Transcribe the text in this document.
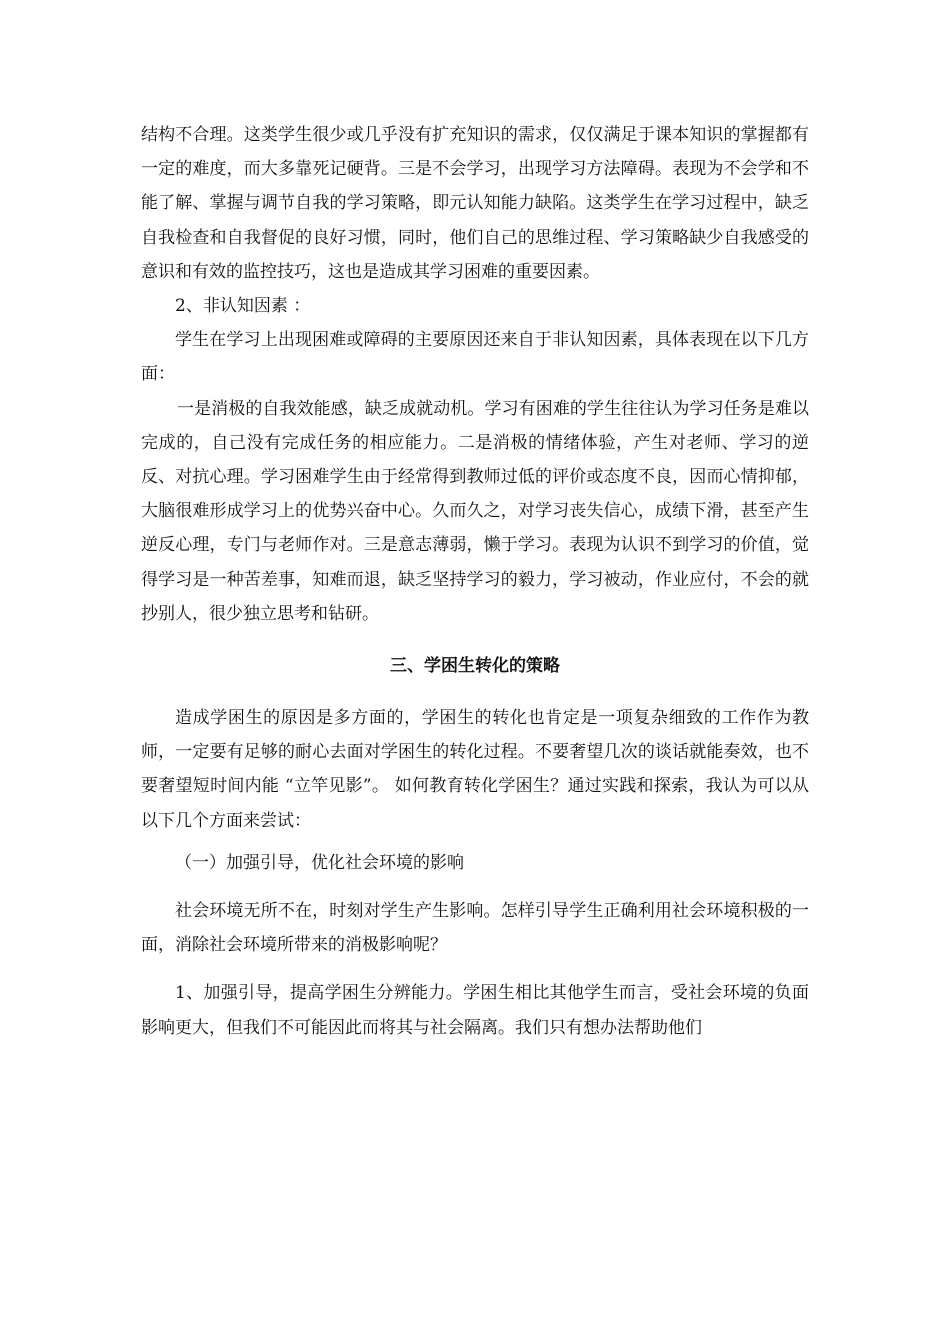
结构不合理。这类学生很少或几乎没有扩充知识的需求，仅仅满足于课本知识的掌握都有一定的难度，而大多靠死记硬背。三是不会学习，出现学习方法障碍。表现为不会学和不能了解、掌握与调节自我的学习策略，即元认知能力缺陷。这类学生在学习过程中，缺乏自我检查和自我督促的良好习惯，同时，他们自己的思维过程、学习策略缺少自我感受的意识和有效的监控技巧，这也是造成其学习困难的重要因素。

2、非认知因素 ：

学生在学习上出现困难或障碍的主要原因还来自于非认知因素，具体表现在以下几方面：

一是消极的自我效能感，缺乏成就动机。学习有困难的学生往往认为学习任务是难以完成的，自己没有完成任务的相应能力。二是消极的情绪体验，产生对老师、学习的逆反、对抗心理。学习困难学生由于经常得到教师过低的评价或态度不良，因而心情抑郁，大脑很难形成学习上的优势兴奋中心。久而久之，对学习丧失信心，成绩下滑，甚至产生逆反心理，专门与老师作对。三是意志薄弱，懒于学习。表现为认识不到学习的价值，觉得学习是一种苦差事，知难而退，缺乏坚持学习的毅力，学习被动，作业应付，不会的就抄别人，很少独立思考和钻研。

三、学困生转化的策略

造成学困生的原因是多方面的，学困生的转化也肯定是一项复杂细致的工作作为教师，一定要有足够的耐心去面对学困生的转化过程。不要奢望几次的谈话就能奏效，也不要奢望短时间内能 “立竿见影”。 如何教育转化学困生？通过实践和探索，我认为可以从以下几个方面来尝试：

（一）加强引导，优化社会环境的影响

社会环境无所不在，时刻对学生产生影响。怎样引导学生正确利用社会环境积极的一面，消除社会环境所带来的消极影响呢？

1、加强引导，提高学困生分辨能力。学困生相比其他学生而言，受社会环境的负面影响更大，但我们不可能因此而将其与社会隔离。我们只有想办法帮助他们
